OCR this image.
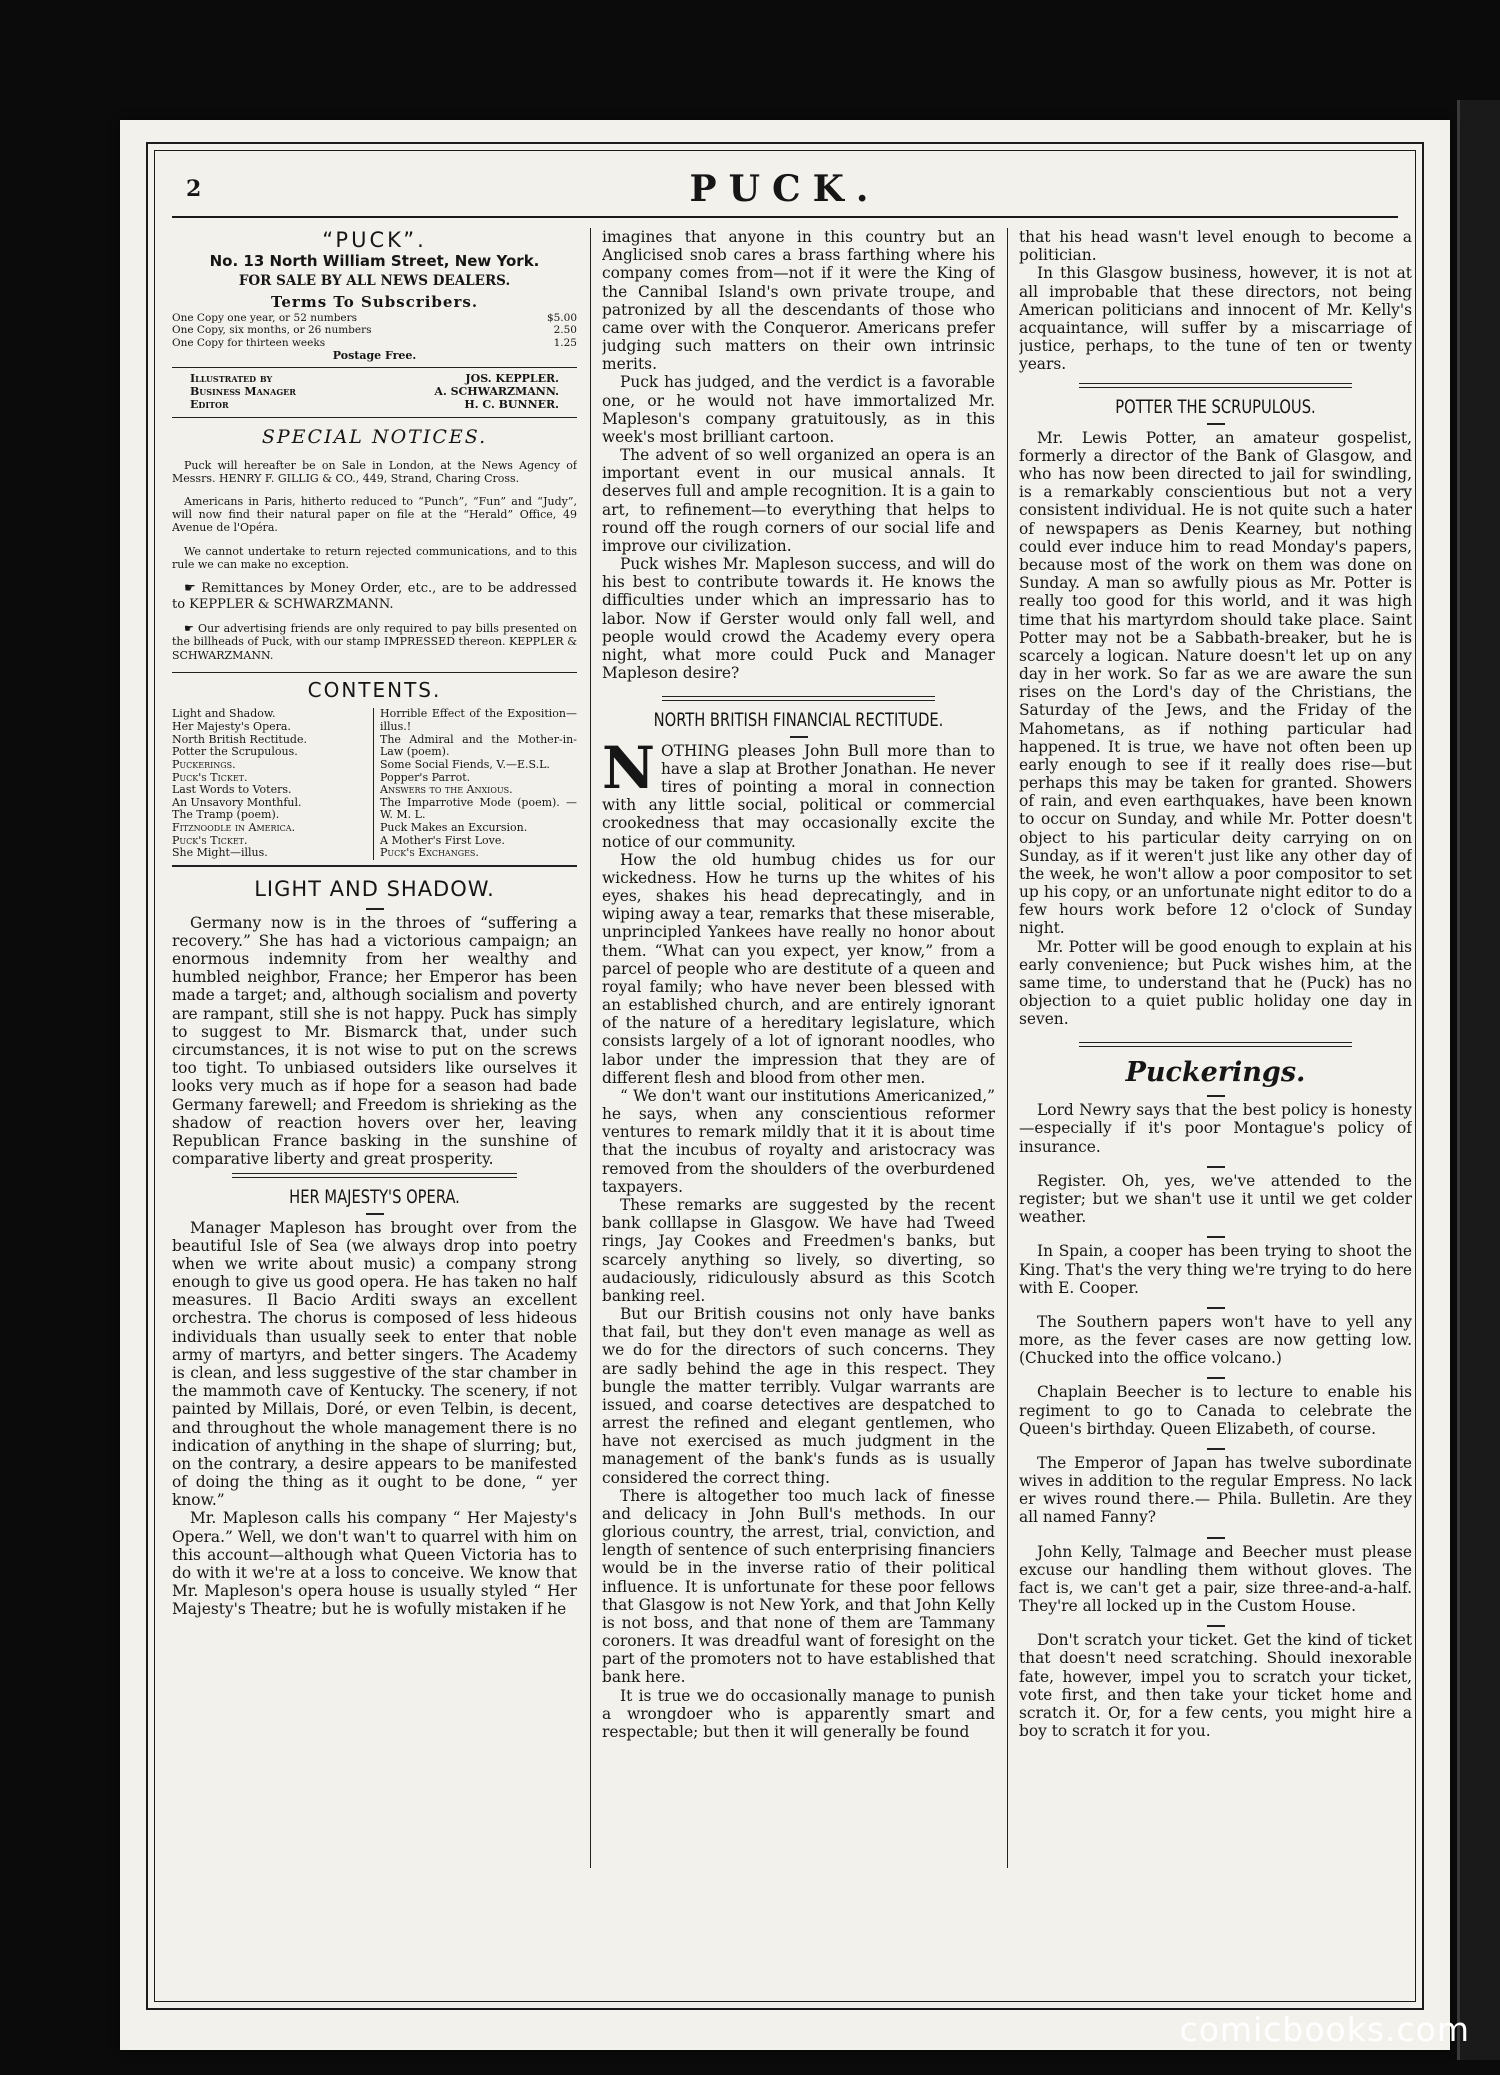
2	PUCK.
“PUCK”.
No. 13 North William Street, New York.
FOR SALE BY ALL NEWS DEALERS.
Terms To Subscribers.
One Copy one year, or 52 numbers	$5.00
One Copy, six months, or 26 numbers	2.50
One Copy for thirteen weeks	1.25
Postage Free.
Illustrated by	JOS. KEPPLER.
Business Manager	A. SCHWARZMANN.
Editor	H. C. BUNNER.
SPECIAL NOTICES.
Puck will hereafter be on Sale in London, at the News Agency of Messrs. HENRY F. GILLIG & CO., 449, Strand, Charing Cross.
Americans in Paris, hitherto reduced to “Punch”, “Fun” and “Judy”, will now find their natural paper on file at the “Herald” Office, 49 Avenue de l'Opéra.
We cannot undertake to return rejected communications, and to this rule we can make no exception.
☛ Remittances by Money Order, etc., are to be addressed to KEPPLER & SCHWARZMANN.
☛ Our advertising friends are only required to pay bills presented on the billheads of Puck, with our stamp IMPRESSED thereon. KEPPLER & SCHWARZMANN.
CONTENTS.
Light and Shadow.
Her Majesty's Opera.
North British Rectitude.
Potter the Scrupulous.
Puckerings.
Puck's Ticket.
Last Words to Voters.
An Unsavory Monthful.
The Tramp (poem).
Fitznoodle in America.
Puck's Ticket.
She Might—illus.
Horrible Effect of the Exposition—illus.!
The Admiral and the Mother-in-Law (poem).
Some Social Fiends, V.—E.S.L.
Popper's Parrot.
Answers to the Anxious.
The Imparrotive Mode (poem). —W. M. L.
Puck Makes an Excursion.
A Mother's First Love.
Puck's Exchanges.
LIGHT AND SHADOW.

Germany now is in the throes of “suffering a recovery.” She has had a victorious campaign; an enormous indemnity from her wealthy and humbled neighbor, France; her Emperor has been made a target; and, although socialism and poverty are rampant, still she is not happy. Puck has simply to suggest to Mr. Bismarck that, under such circumstances, it is not wise to put on the screws too tight. To unbiased outsiders like ourselves it looks very much as if hope for a season had bade Germany farewell; and Freedom is shrieking as the shadow of reaction hovers over her, leaving Republican France basking in the sunshine of comparative liberty and great prosperity.

HER MAJESTY'S OPERA.

Manager Mapleson has brought over from the beautiful Isle of Sea (we always drop into poetry when we write about music) a company strong enough to give us good opera. He has taken no half measures. Il Bacio Arditi sways an excellent orchestra. The chorus is composed of less hideous individuals than usually seek to enter that noble army of martyrs, and better singers. The Academy is clean, and less suggestive of the star chamber in the mammoth cave of Kentucky. The scenery, if not painted by Millais, Doré, or even Telbin, is decent, and throughout the whole management there is no indication of anything in the shape of slurring; but, on the contrary, a desire appears to be manifested of doing the thing as it ought to be done, “ yer know.”

Mr. Mapleson calls his company “ Her Majesty's Opera.” Well, we don't wan't to quarrel with him on this account—although what Queen Victoria has to do with it we're at a loss to conceive. We know that Mr. Mapleson's opera house is usually styled “ Her Majesty's Theatre; but he is wofully mistaken if he

imagines that anyone in this country but an Anglicised snob cares a brass farthing where his company comes from—not if it were the King of the Cannibal Island's own private troupe, and patronized by all the descendants of those who came over with the Conqueror. Americans prefer judging such matters on their own intrinsic merits.

Puck has judged, and the verdict is a favorable one, or he would not have immortalized Mr. Mapleson's company gratuitously, as in this week's most brilliant cartoon.

The advent of so well organized an opera is an important event in our musical annals. It deserves full and ample recognition. It is a gain to art, to refinement—to everything that helps to round off the rough corners of our social life and improve our civilization.

Puck wishes Mr. Mapleson success, and will do his best to contribute towards it. He knows the difficulties under which an impressario has to labor. Now if Gerster would only fall well, and people would crowd the Academy every opera night, what more could Puck and Manager Mapleson desire?

NORTH BRITISH FINANCIAL RECTITUDE.

NOTHING pleases John Bull more than to have a slap at Brother Jonathan. He never tires of pointing a moral in connection with any little social, political or commercial crookedness that may occasionally excite the notice of our community.

How the old humbug chides us for our wickedness. How he turns up the whites of his eyes, shakes his head deprecatingly, and in wiping away a tear, remarks that these miserable, unprincipled Yankees have really no honor about them. “What can you expect, yer know,” from a parcel of people who are destitute of a queen and royal family; who have never been blessed with an established church, and are entirely ignorant of the nature of a hereditary legislature, which consists largely of a lot of ignorant noodles, who labor under the impression that they are of different flesh and blood from other men.

“ We don't want our institutions Americanized,” he says, when any conscientious reformer ventures to remark mildly that it it is about time that the incubus of royalty and aristocracy was removed from the shoulders of the overburdened taxpayers.

These remarks are suggested by the recent bank colllapse in Glasgow. We have had Tweed rings, Jay Cookes and Freedmen's banks, but scarcely anything so lively, so diverting, so audaciously, ridiculously absurd as this Scotch banking reel.

But our British cousins not only have banks that fail, but they don't even manage as well as we do for the directors of such concerns. They are sadly behind the age in this respect. They bungle the matter terribly. Vulgar warrants are issued, and coarse detectives are despatched to arrest the refined and elegant gentlemen, who have not exercised as much judgment in the management of the bank's funds as is usually considered the correct thing.

There is altogether too much lack of finesse and delicacy in John Bull's methods. In our glorious country, the arrest, trial, conviction, and length of sentence of such enterprising financiers would be in the inverse ratio of their political influence. It is unfortunate for these poor fellows that Glasgow is not New York, and that John Kelly is not boss, and that none of them are Tammany coroners. It was dreadful want of foresight on the part of the promoters not to have established that bank here.

It is true we do occasionally manage to punish a wrongdoer who is apparently smart and respectable; but then it will generally be found

that his head wasn't level enough to become a politician.

In this Glasgow business, however, it is not at all improbable that these directors, not being American politicians and innocent of Mr. Kelly's acquaintance, will suffer by a miscarriage of justice, perhaps, to the tune of ten or twenty years.

POTTER THE SCRUPULOUS.

Mr. Lewis Potter, an amateur gospelist, formerly a director of the Bank of Glasgow, and who has now been directed to jail for swindling, is a remarkably conscientious but not a very consistent individual. He is not quite such a hater of newspapers as Denis Kearney, but nothing could ever induce him to read Monday's papers, because most of the work on them was done on Sunday. A man so awfully pious as Mr. Potter is really too good for this world, and it was high time that his martyrdom should take place. Saint Potter may not be a Sabbath-breaker, but he is scarcely a logican. Nature doesn't let up on any day in her work. So far as we are aware the sun rises on the Lord's day of the Christians, the Saturday of the Jews, and the Friday of the Mahometans, as if nothing particular had happened. It is true, we have not often been up early enough to see if it really does rise—but perhaps this may be taken for granted. Showers of rain, and even earthquakes, have been known to occur on Sunday, and while Mr. Potter doesn't object to his particular deity carrying on on Sunday, as if it weren't just like any other day of the week, he won't allow a poor compositor to set up his copy, or an unfortunate night editor to do a few hours work before 12 o'clock of Sunday night.

Mr. Potter will be good enough to explain at his early convenience; but Puck wishes him, at the same time, to understand that he (Puck) has no objection to a quiet public holiday one day in seven.

Puckerings.

Lord Newry says that the best policy is honesty—especially if it's poor Montague's policy of insurance.

Register. Oh, yes, we've attended to the register; but we shan't use it until we get colder weather.

In Spain, a cooper has been trying to shoot the King. That's the very thing we're trying to do here with E. Cooper.

The Southern papers won't have to yell any more, as the fever cases are now getting low. (Chucked into the office volcano.)

Chaplain Beecher is to lecture to enable his regiment to go to Canada to celebrate the Queen's birthday. Queen Elizabeth, of course.

The Emperor of Japan has twelve subordinate wives in addition to the regular Empress. No lack er wives round there.— Phila. Bulletin. Are they all named Fanny?

John Kelly, Talmage and Beecher must please excuse our handling them without gloves. The fact is, we can't get a pair, size three-and-a-half. They're all locked up in the Custom House.

Don't scratch your ticket. Get the kind of ticket that doesn't need scratching. Should inexorable fate, however, impel you to scratch your ticket, vote first, and then take your ticket home and scratch it. Or, for a few cents, you might hire a boy to scratch it for you.

comicbooks.com
